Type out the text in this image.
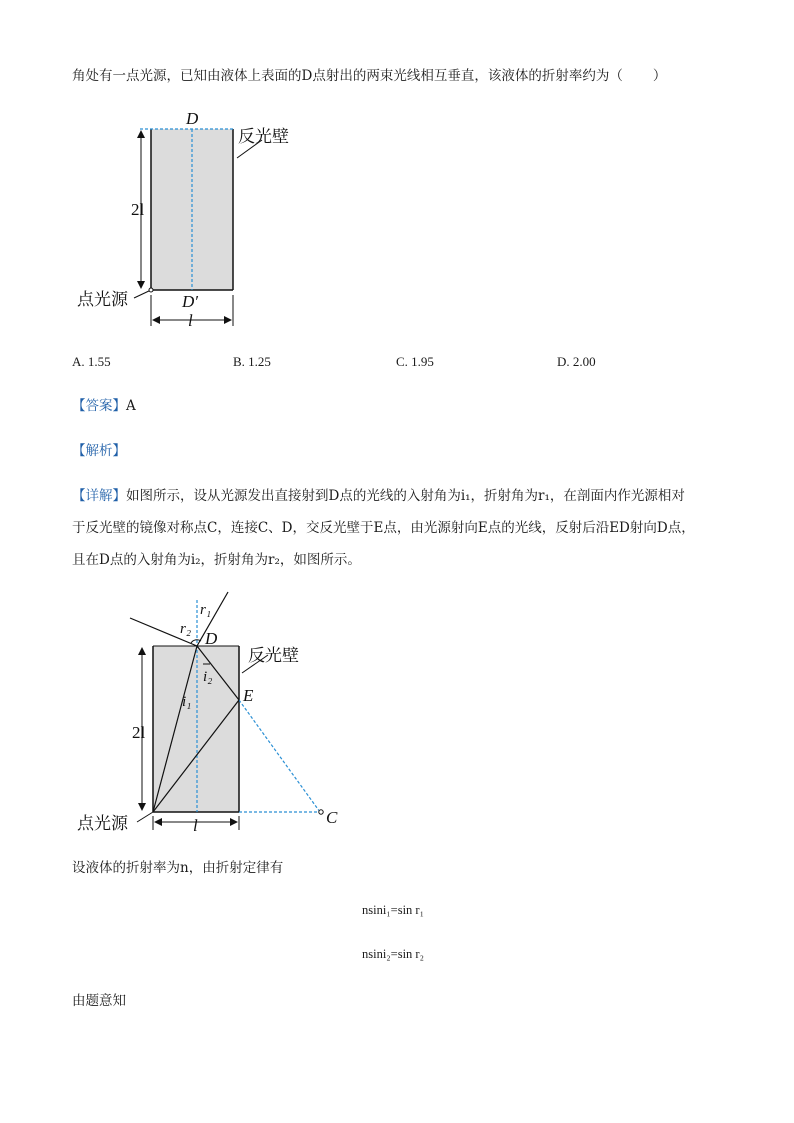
角处有一点光源，已知由液体上表面的D点射出的两束光线相互垂直，该液体的折射率约为（ ）
D
反光壁
2l
D′
l
点光源
A. 1.55	B. 1.25	C. 1.95	D. 2.00
【答案】A
【解析】
【详解】如图所示，设从光源发出直接射到D点的光线的入射角为i₁，折射角为r₁，在剖面内作光源相对
于反光壁的镜像对称点C，连接C、D，交反光壁于E点，由光源射向E点的光线，反射后沿ED射向D点，
且在D点的入射角为i₂，折射角为r₂，如图所示。
r₁
r₂ D
反光壁
i₂
E
i₁
2l
点光源	l	C
设液体的折射率为n，由折射定律有
nsini₁=sin r₁
nsini₂=sin r₂
由题意知
